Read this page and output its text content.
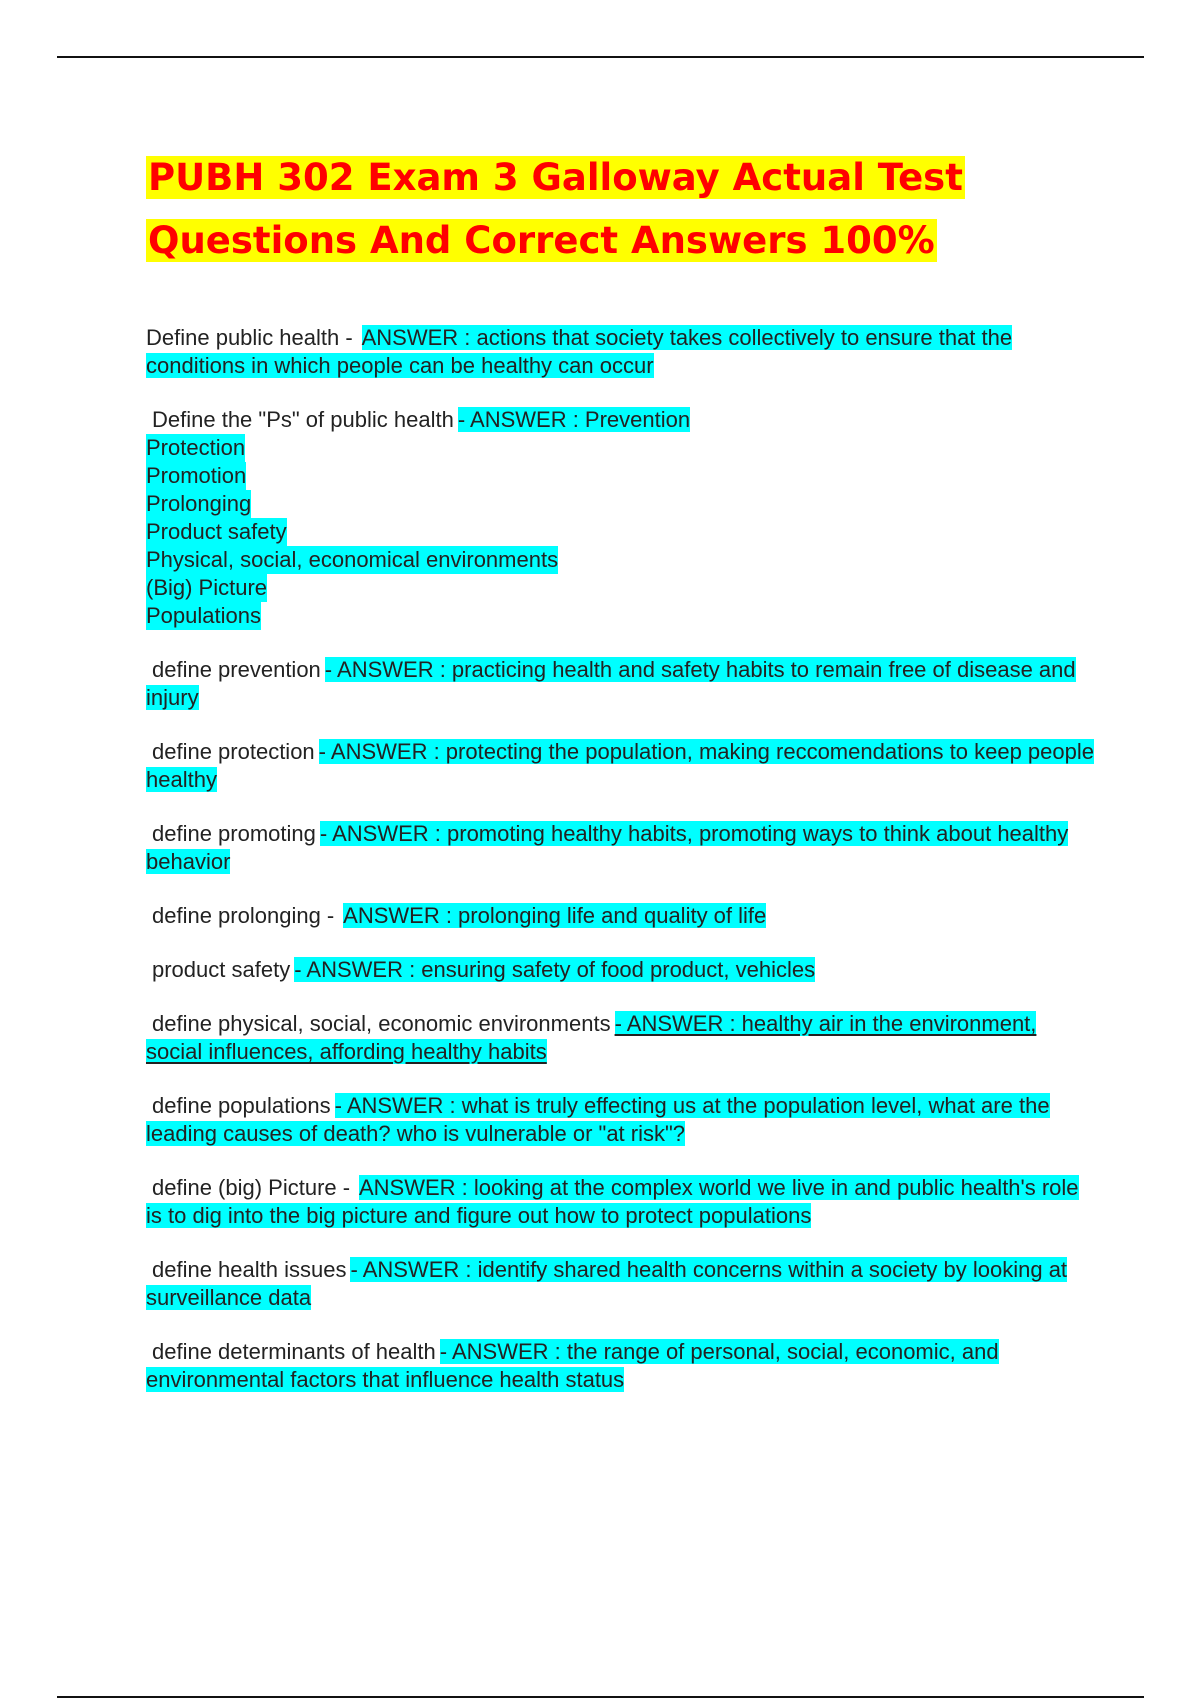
PUBH 302 Exam 3 Galloway Actual Test
Questions And Correct Answers 100%

Define public health - ANSWER : actions that society takes collectively to ensure that the conditions in which people can be healthy can occur

Define the "Ps" of public health - ANSWER : Prevention
Protection
Promotion
Prolonging
Product safety
Physical, social, economical environments
(Big) Picture
Populations

define prevention - ANSWER : practicing health and safety habits to remain free of disease and injury

define protection - ANSWER : protecting the population, making reccomendations to keep people healthy

define promoting - ANSWER : promoting healthy habits, promoting ways to think about healthy behavior

define prolonging - ANSWER : prolonging life and quality of life

product safety - ANSWER : ensuring safety of food product, vehicles

define physical, social, economic environments - ANSWER : healthy air in the environment, social influences, affording healthy habits

define populations - ANSWER : what is truly effecting us at the population level, what are the leading causes of death? who is vulnerable or "at risk"?

define (big) Picture - ANSWER : looking at the complex world we live in and public health's role is to dig into the big picture and figure out how to protect populations

define health issues - ANSWER : identify shared health concerns within a society by looking at surveillance data

define determinants of health - ANSWER : the range of personal, social, economic, and environmental factors that influence health status
